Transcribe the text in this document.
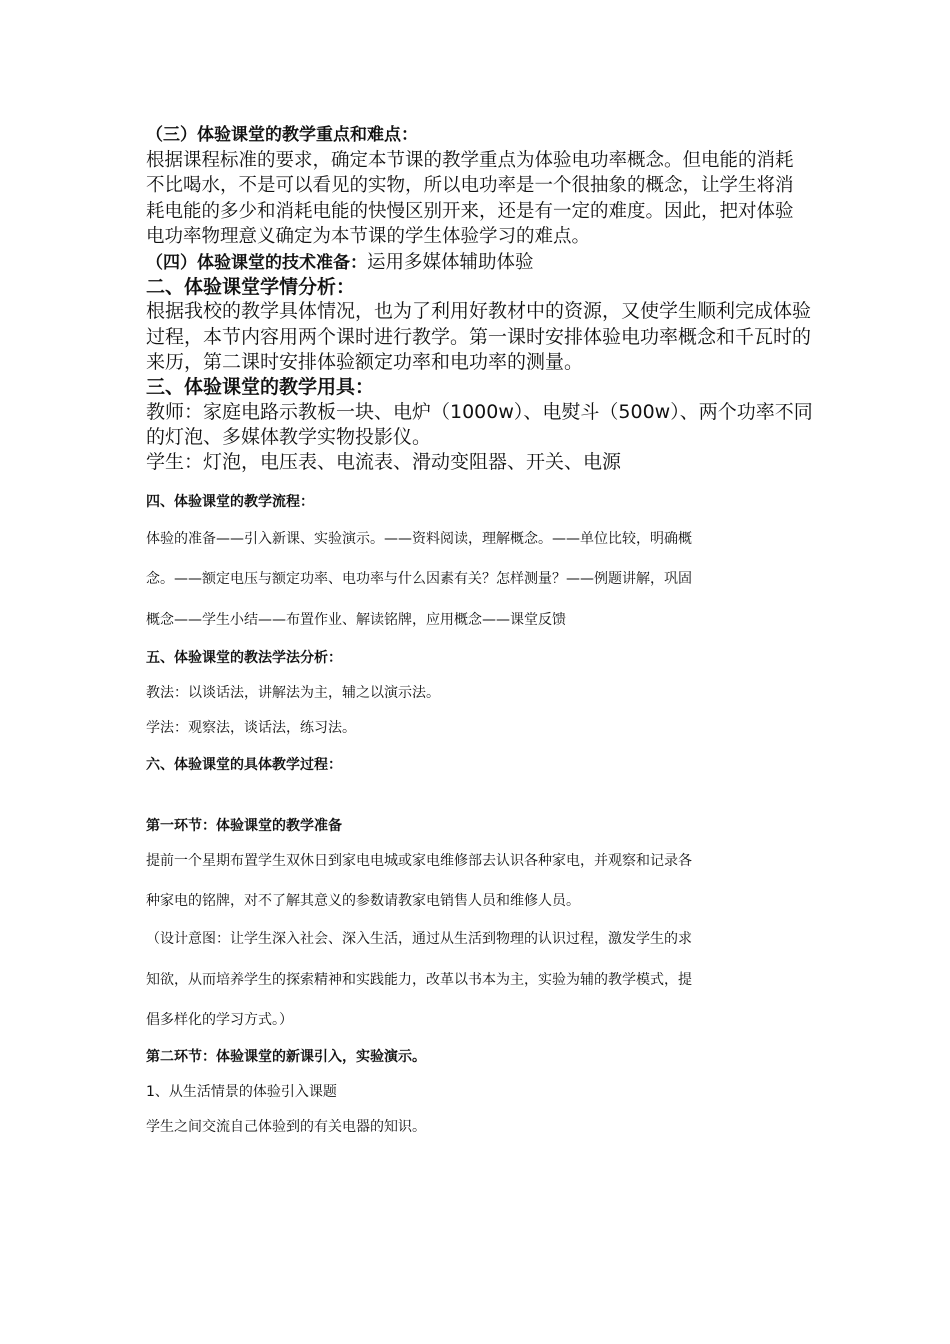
（三）体验课堂的教学重点和难点：

根据课程标准的要求，确定本节课的教学重点为体验电功率概念。但电能的消耗

不比喝水，不是可以看见的实物，所以电功率是一个很抽象的概念，让学生将消

耗电能的多少和消耗电能的快慢区别开来，还是有一定的难度。因此，把对体验

电功率物理意义确定为本节课的学生体验学习的难点。

（四）体验课堂的技术准备：运用多媒体辅助体验

二、体验课堂学情分析：

根据我校的教学具体情况，也为了利用好教材中的资源，又使学生顺利完成体验

过程，本节内容用两个课时进行教学。第一课时安排体验电功率概念和千瓦时的

来历，第二课时安排体验额定功率和电功率的测量。

三、体验课堂的教学用具：

教师：家庭电路示教板一块、电炉（1000w）、电熨斗（500w）、两个功率不同

的灯泡、多媒体教学实物投影仪。

学生：灯泡，电压表、电流表、滑动变阻器、开关、电源

四、体验课堂的教学流程：

体验的准备——引入新课、实验演示。——资料阅读，理解概念。——单位比较，明确概

念。——额定电压与额定功率、电功率与什么因素有关？怎样测量？——例题讲解，巩固

概念——学生小结——布置作业、解读铭牌，应用概念——课堂反馈

五、体验课堂的教法学法分析：

教法：以谈话法，讲解法为主，辅之以演示法。

学法：观察法，谈话法，练习法。

六、体验课堂的具体教学过程：

第一环节：体验课堂的教学准备

提前一个星期布置学生双休日到家电电城或家电维修部去认识各种家电，并观察和记录各

种家电的铭牌，对不了解其意义的参数请教家电销售人员和维修人员。

（设计意图：让学生深入社会、深入生活，通过从生活到物理的认识过程，激发学生的求

知欲，从而培养学生的探索精神和实践能力，改革以书本为主，实验为辅的教学模式，提

倡多样化的学习方式。）

第二环节：体验课堂的新课引入，实验演示。

1、从生活情景的体验引入课题

学生之间交流自己体验到的有关电器的知识。
